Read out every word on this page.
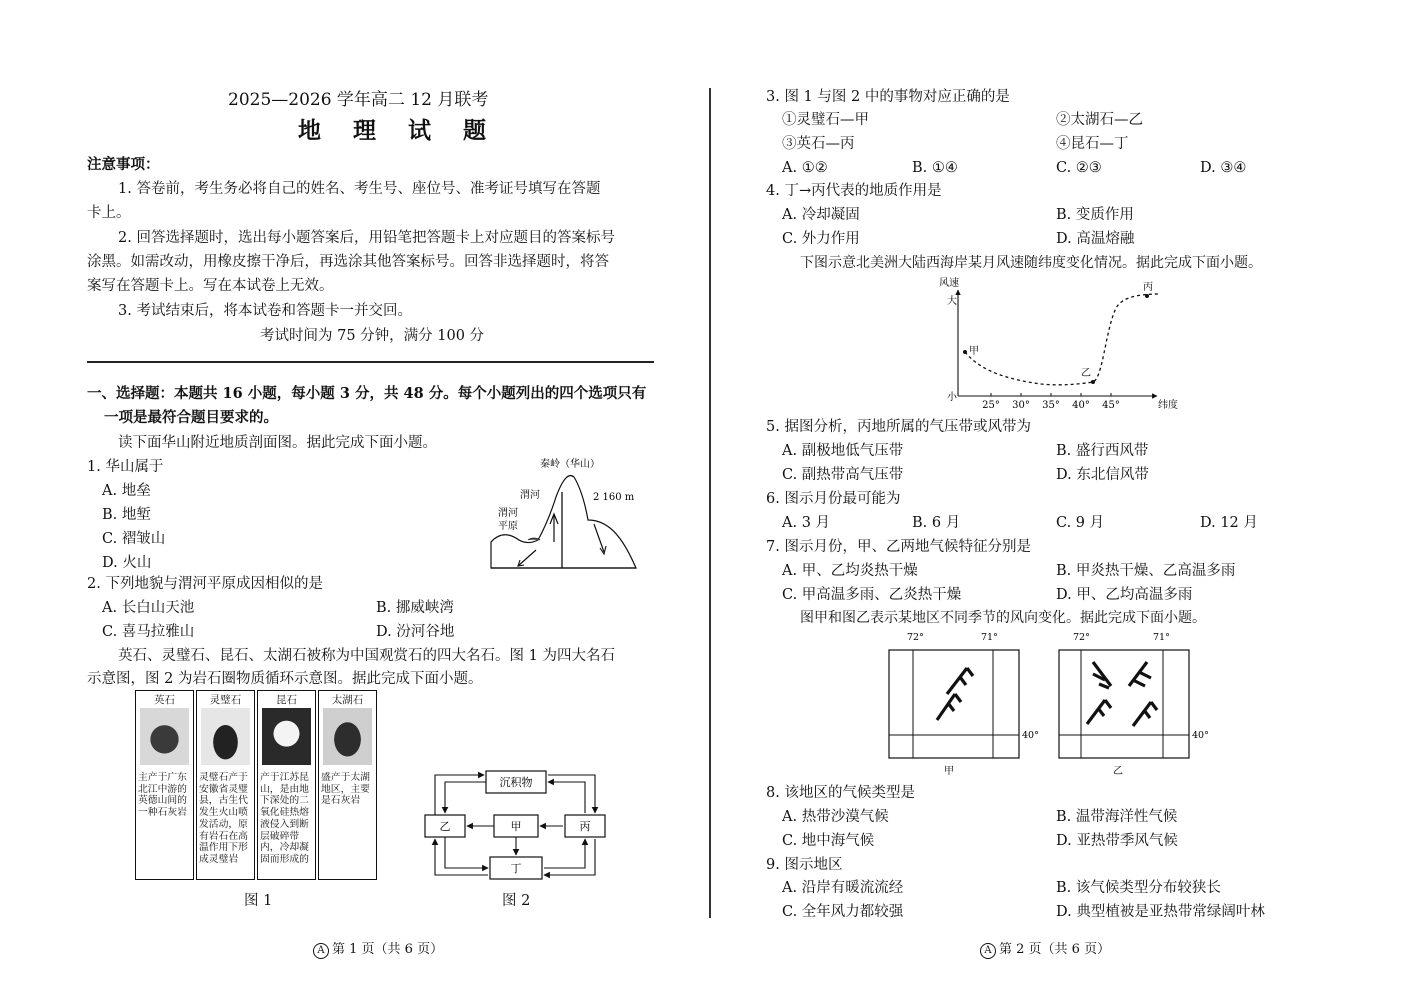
2025—2026 学年高二 12 月联考
地 理 试 题
注意事项：
1. 答卷前，考生务必将自己的姓名、考生号、座位号、准考证号填写在答题
卡上。
2. 回答选择题时，选出每小题答案后，用铅笔把答题卡上对应题目的答案标号
涂黑。如需改动，用橡皮擦干净后，再选涂其他答案标号。回答非选择题时，将答
案写在答题卡上。写在本试卷上无效。
3. 考试结束后，将本试卷和答题卡一并交回。
考试时间为 75 分钟，满分 100 分
一、选择题：本题共 16 小题，每小题 3 分，共 48 分。每个小题列出的四个选项只有
一项是最符合题目要求的。
读下面华山附近地质剖面图。据此完成下面小题。
1. 华山属于
A. 地垒
B. 地堑
C. 褶皱山
D. 火山
秦岭（华山）
渭河
渭河
平原
2 160 m
2. 下列地貌与渭河平原成因相似的是
A. 长白山天池	B. 挪威峡湾
C. 喜马拉雅山	D. 汾河谷地
英石、灵璧石、昆石、太湖石被称为中国观赏石的四大名石。图 1 为四大名石
示意图，图 2 为岩石圈物质循环示意图。据此完成下面小题。
英石
主产于广东北江中游的英德山间的一种石灰岩
灵璧石
灵璧石产于安徽省灵璧县，古生代发生火山喷发活动，原有岩石在高温作用下形成灵璧岩
昆石
产于江苏昆山，是由地下深处的二氧化硅热熔液侵入到断层破碎带内，冷却凝固而形成的
太湖石
盛产于太湖地区，主要是石灰岩
图 1
沉积物
乙	甲	丙
丁
图 2
A 第 1 页（共 6 页）
3. 图 1 与图 2 中的事物对应正确的是
①灵璧石—甲	②太湖石—乙
③英石—丙	④昆石—丁
A. ①②	B. ①④	C. ②③	D. ③④
4. 丁→丙代表的地质作用是
A. 冷却凝固	B. 变质作用
C. 外力作用	D. 高温熔融
下图示意北美洲大陆西海岸某月风速随纬度变化情况。据此完成下面小题。
风速
大
小
25° 30° 35° 40° 45°	纬度
甲
乙
丙
5. 据图分析，丙地所属的气压带或风带为
A. 副极地低气压带	B. 盛行西风带
C. 副热带高气压带	D. 东北信风带
6. 图示月份最可能为
A. 3 月	B. 6 月	C. 9 月	D. 12 月
7. 图示月份，甲、乙两地气候特征分别是
A. 甲、乙均炎热干燥	B. 甲炎热干燥、乙高温多雨
C. 甲高温多雨、乙炎热干燥	D. 甲、乙均高温多雨
图甲和图乙表示某地区不同季节的风向变化。据此完成下面小题。
72°	71°
40°
甲
72°	71°
40°
乙
8. 该地区的气候类型是
A. 热带沙漠气候	B. 温带海洋性气候
C. 地中海气候	D. 亚热带季风气候
9. 图示地区
A. 沿岸有暖流流经	B. 该气候类型分布较狭长
C. 全年风力都较强	D. 典型植被是亚热带常绿阔叶林
A 第 2 页（共 6 页）
